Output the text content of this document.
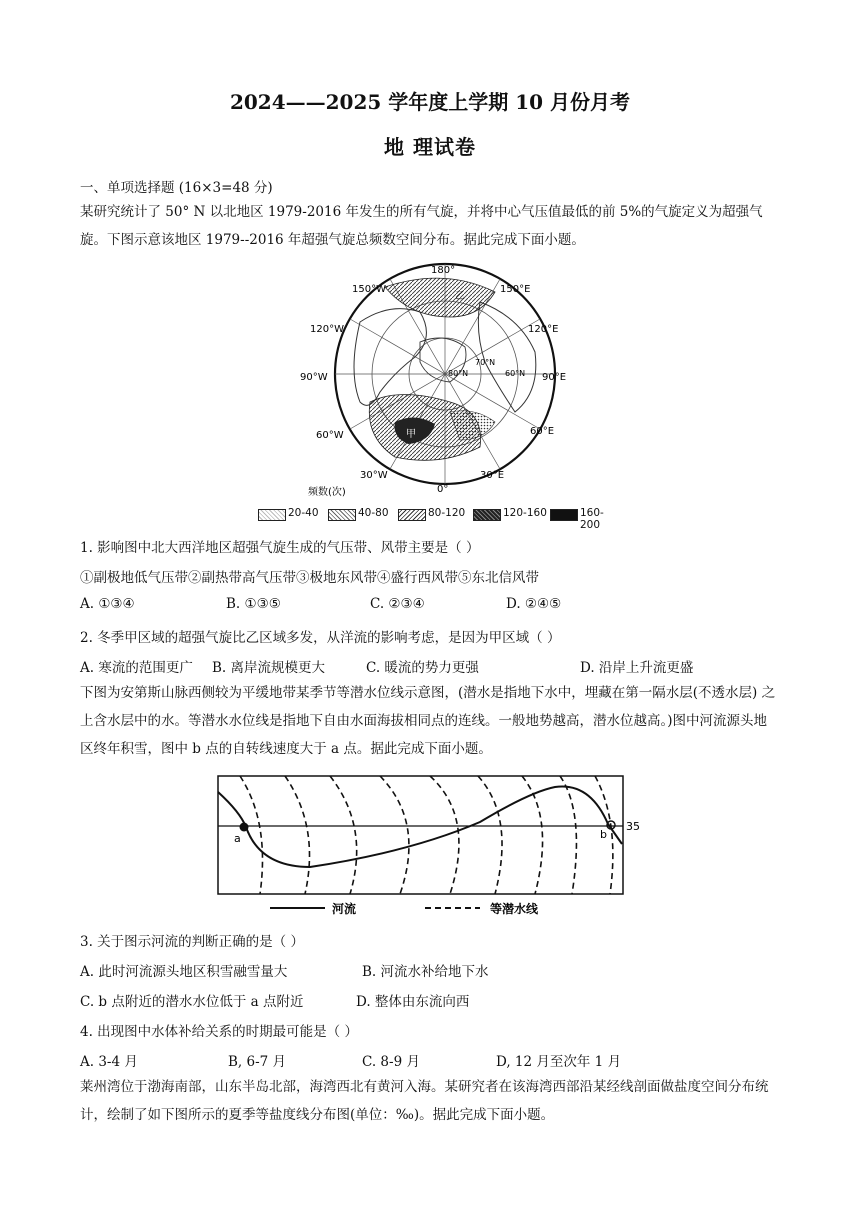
2024——2025 学年度上学期 10 月份月考
地 理试卷
一、单项选择题 (16×3=48 分)
某研究统计了 50° N 以北地区 1979-2016 年发生的所有气旋，并将中心气压值最低的前 5%的气旋定义为超强气旋。下图示意该地区 1979--2016 年超强气旋总频数空间分布。据此完成下面小题。
甲
乙
180°
150°W	150°E
120°W	120°E
90°W	90°E
60°W	60°E
30°W	30°E
0°
70°N
60°N
80°N
频数(次)
20-40	40-80	80-120	120-160	160-200
1. 影响图中北大西洋地区超强气旋生成的气压带、风带主要是（ ）
①副极地低气压带②副热带高气压带③极地东风带④盛行西风带⑤东北信风带
A. ①③④	B. ①③⑤	C. ②③④	D. ②④⑤
2. 冬季甲区域的超强气旋比乙区域多发，从洋流的影响考虑，是因为甲区域（ ）
A. 寒流的范围更广 B. 离岸流规模更大	C. 暖流的势力更强	D. 沿岸上升流更盛
下图为安第斯山脉西侧较为平缓地带某季节等潜水位线示意图，(潜水是指地下水中，埋藏在第一隔水层(不透水层) 之上含水层中的水。等潜水水位线是指地下自由水面海拔相同点的连线。一般地势越高，潜水位越高。)图中河流源头地区终年积雪，图中 b 点的自转线速度大于 a 点。据此完成下面小题。
a	b
35
河流	等潜水线
3. 关于图示河流的判断正确的是（ ）
A. 此时河流源头地区积雪融雪量大	B. 河流水补给地下水
C. b 点附近的潜水水位低于 a 点附近	D. 整体由东流向西
4. 出现图中水体补给关系的时期最可能是（ ）
A. 3-4 月	B, 6-7 月	C. 8-9 月	D, 12 月至次年 1 月
莱州湾位于渤海南部，山东半岛北部，海湾西北有黄河入海。某研究者在该海湾西部沿某经线剖面做盐度空间分布统计，绘制了如下图所示的夏季等盐度线分布图(单位：‰)。据此完成下面小题。
